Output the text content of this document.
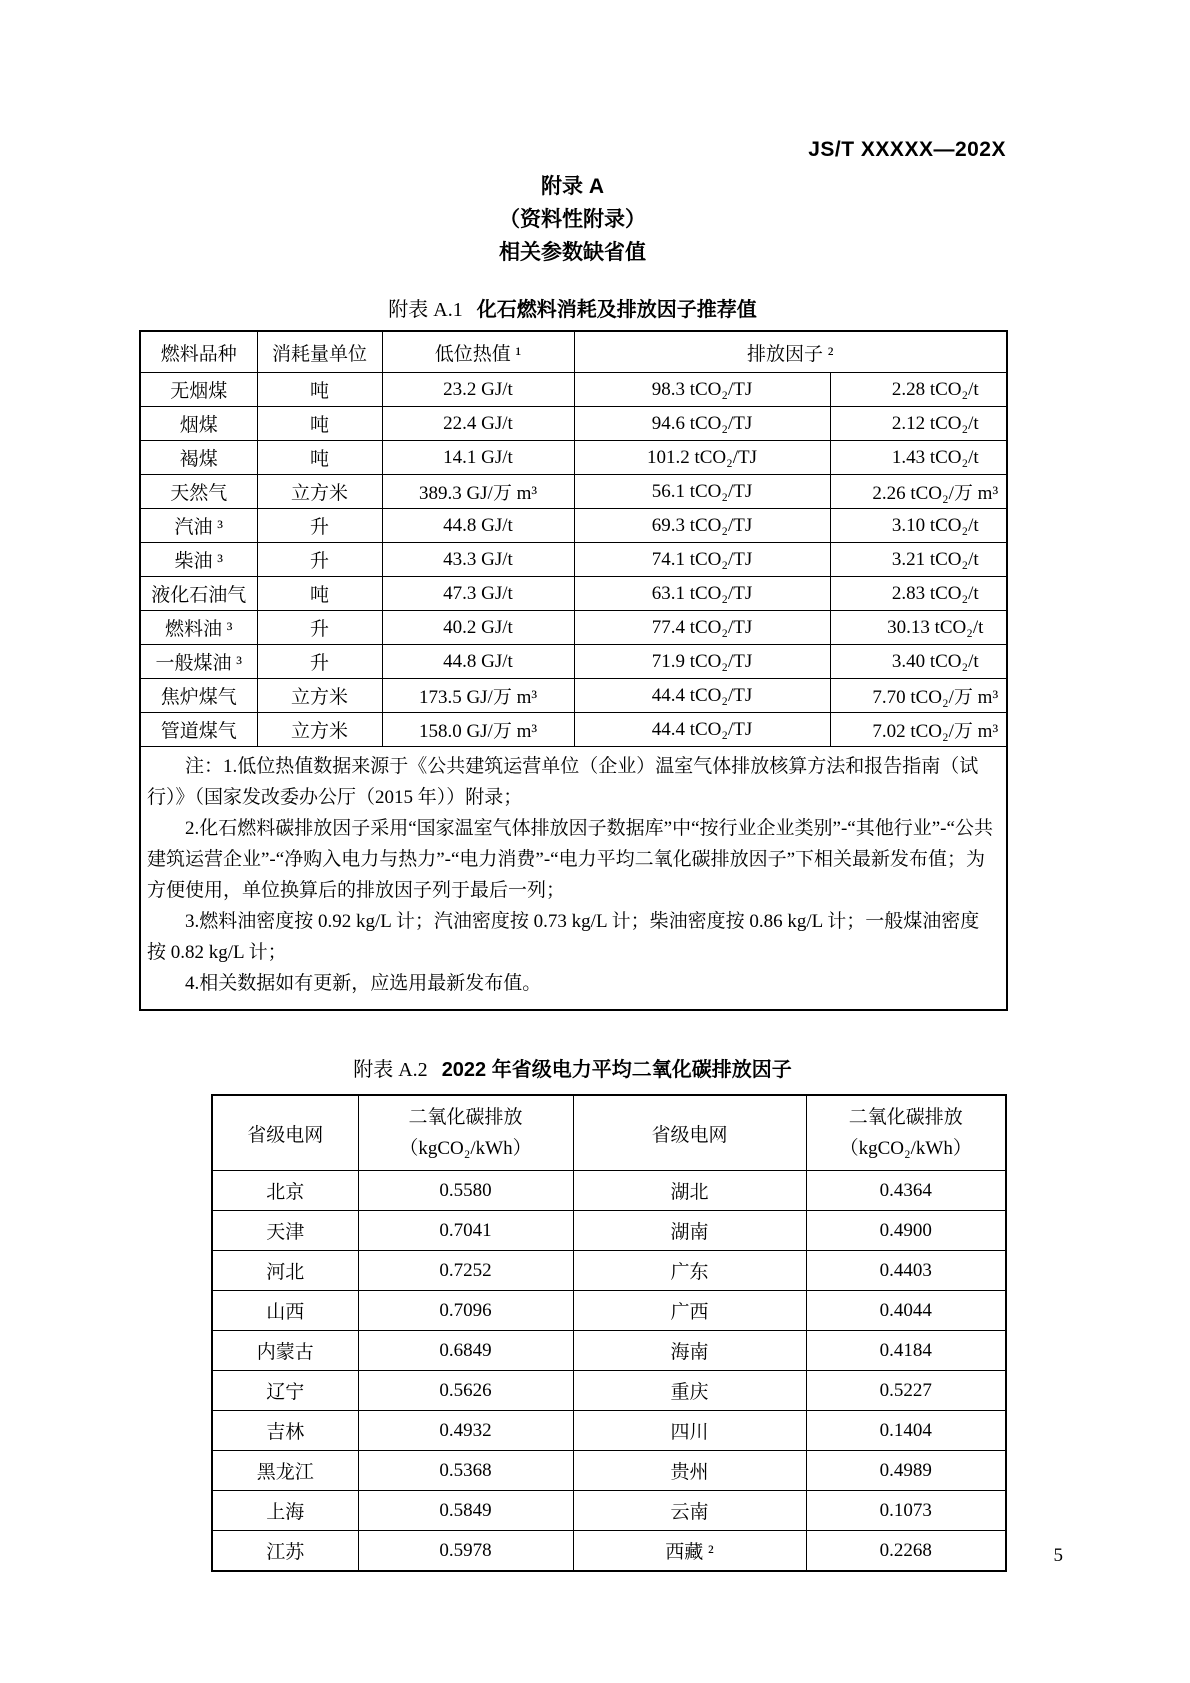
JS/T XXXXX—202X
附录 A
（资料性附录）
相关参数缺省值
附表 A.1 化石燃料消耗及排放因子推荐值
燃料品种	消耗量单位	低位热值 ¹	排放因子 ²	
无烟煤	吨	23.2 GJ/t	98.3 tCO₂/TJ	2.28 tCO₂/t
烟煤	吨	22.4 GJ/t	94.6 tCO₂/TJ	2.12 tCO₂/t
褐煤	吨	14.1 GJ/t	101.2 tCO₂/TJ	1.43 tCO₂/t
天然气	立方米	389.3 GJ/万 m³	56.1 tCO₂/TJ	2.26 tCO₂/万 m³
汽油 ³	升	44.8 GJ/t	69.3 tCO₂/TJ	3.10 tCO₂/t
柴油 ³	升	43.3 GJ/t	74.1 tCO₂/TJ	3.21 tCO₂/t
液化石油气	吨	47.3 GJ/t	63.1 tCO₂/TJ	2.83 tCO₂/t
燃料油 ³	升	40.2 GJ/t	77.4 tCO₂/TJ	30.13 tCO₂/t
一般煤油 ³	升	44.8 GJ/t	71.9 tCO₂/TJ	3.40 tCO₂/t
焦炉煤气	立方米	173.5 GJ/万 m³	44.4 tCO₂/TJ	7.70 tCO₂/万 m³
管道煤气	立方米	158.0 GJ/万 m³	44.4 tCO₂/TJ	7.02 tCO₂/万 m³

注：1.低位热值数据来源于《公共建筑运营单位（企业）温室气体排放核算方法和报告指南（试行）》（国家发改委办公厅（2015 年））附录；

2.化石燃料碳排放因子采用“国家温室气体排放因子数据库”中“按行业企业类别”-“其他行业”-“公共建筑运营企业”-“净购入电力与热力”-“电力消费”-“电力平均二氧化碳排放因子”下相关最新发布值；为方便使用，单位换算后的排放因子列于最后一列；

3.燃料油密度按 0.92 kg/L 计；汽油密度按 0.73 kg/L 计；柴油密度按 0.86 kg/L 计；一般煤油密度按 0.82 kg/L 计；

4.相关数据如有更新，应选用最新发布值。				

附表 A.2 2022 年省级电力平均二氧化碳排放因子
省级电网	
二氧化碳排放
（kgCO₂/kWh）
	省级电网	
二氧化碳排放
（kgCO₂/kWh）

北京	0.5580	湖北	0.4364
天津	0.7041	湖南	0.4900
河北	0.7252	广东	0.4403
山西	0.7096	广西	0.4044
内蒙古	0.6849	海南	0.4184
辽宁	0.5626	重庆	0.5227
吉林	0.4932	四川	0.1404
黑龙江	0.5368	贵州	0.4989
上海	0.5849	云南	0.1073
江苏	0.5978	西藏 ²	0.2268	5
